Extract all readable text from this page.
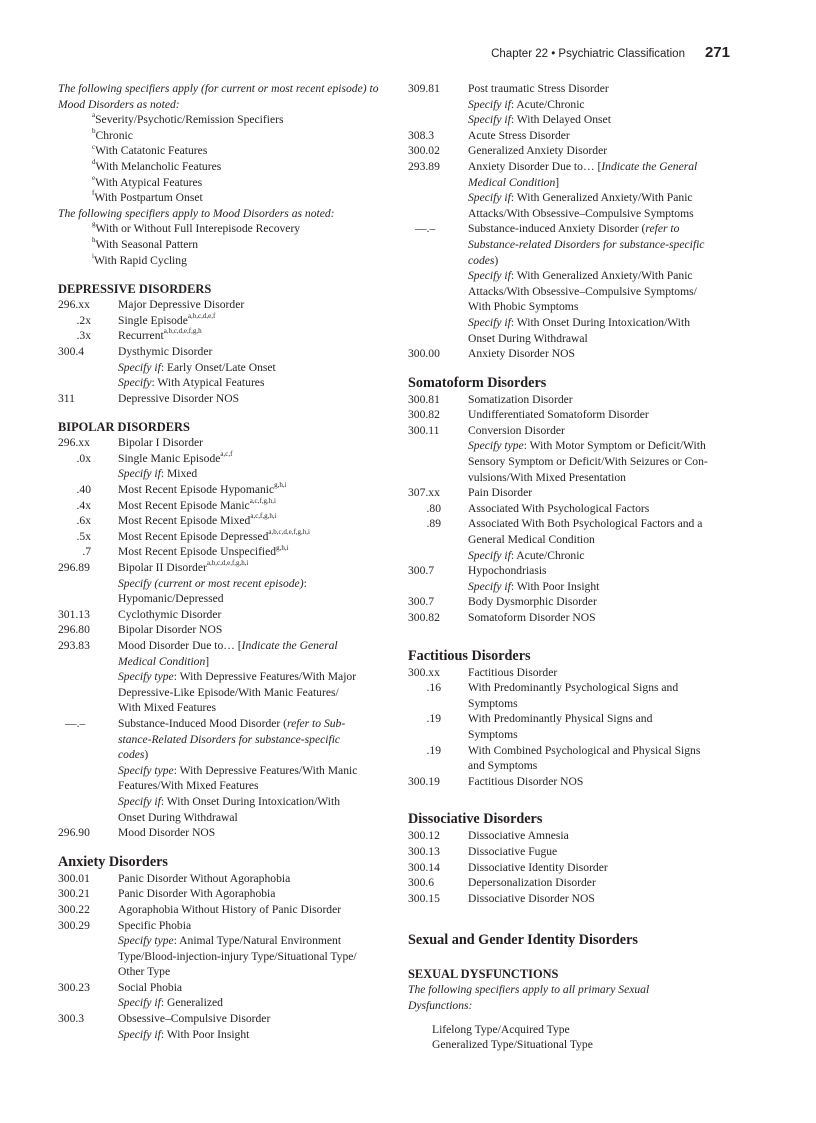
Chapter 22 • Psychiatric Classification 271
The following specifiers apply (for current or most recent episode) to Mood Disorders as noted:
$^a$Severity/Psychotic/Remission Specifiers
$^b$Chronic
$^c$With Catatonic Features
$^d$With Melancholic Features
$^e$With Atypical Features
$^f$With Postpartum Onset
The following specifiers apply to Mood Disorders as noted:
$^g$With or Without Full Interepisode Recovery
$^h$With Seasonal Pattern
$^i$With Rapid Cycling
DEPRESSIVE DISORDERS
296.xx	Major Depressive Disorder
.2x	Single Episode$^{a,b,c,d,e,f}$
.3x	Recurrent$^{a,b,c,d,e,f,g,h}$
300.4	Dysthymic Disorder
Specify if: Early Onset/Late Onset
Specify: With Atypical Features
311	Depressive Disorder NOS
BIPOLAR DISORDERS
296.xx	Bipolar I Disorder
.0x	Single Manic Episode$^{a,c,f}$
Specify if: Mixed
.40	Most Recent Episode Hypomanic$^{g,h,i}$
.4x	Most Recent Episode Manic$^{a,c,f,g,h,i}$
.6x	Most Recent Episode Mixed$^{a,c,f,g,h,i}$
.5x	Most Recent Episode Depressed$^{a,b,c,d,e,f,g,h,i}$
.7	Most Recent Episode Unspecified$^{g,h,i}$
296.89	Bipolar II Disorder$^{a,b,c,d,e,f,g,h,i}$
Specify (current or most recent episode):
Hypomanic/Depressed
301.13	Cyclothymic Disorder
296.80	Bipolar Disorder NOS
293.83	Mood Disorder Due to… [Indicate the General
Medical Condition]
Specify type: With Depressive Features/With Major
Depressive-Like Episode/With Manic Features/
With Mixed Features
—.–	Substance-Induced Mood Disorder (refer to Sub-
stance-Related Disorders for substance-specific
codes)
Specify type: With Depressive Features/With Manic
Features/With Mixed Features
Specify if: With Onset During Intoxication/With
Onset During Withdrawal
296.90	Mood Disorder NOS
Anxiety Disorders
300.01	Panic Disorder Without Agoraphobia
300.21	Panic Disorder With Agoraphobia
300.22	Agoraphobia Without History of Panic Disorder
300.29	Specific Phobia
Specify type: Animal Type/Natural Environment
Type/Blood-injection-injury Type/Situational Type/
Other Type
300.23	Social Phobia
Specify if: Generalized
300.3	Obsessive–Compulsive Disorder
Specify if: With Poor Insight
309.81	Post traumatic Stress Disorder
Specify if: Acute/Chronic
Specify if: With Delayed Onset
308.3	Acute Stress Disorder
300.02	Generalized Anxiety Disorder
293.89	Anxiety Disorder Due to… [Indicate the General
Medical Condition]
Specify if: With Generalized Anxiety/With Panic
Attacks/With Obsessive–Compulsive Symptoms
—.–	Substance-induced Anxiety Disorder (refer to
Substance-related Disorders for substance-specific
codes)
Specify if: With Generalized Anxiety/With Panic
Attacks/With Obsessive–Compulsive Symptoms/
With Phobic Symptoms
Specify if: With Onset During Intoxication/With
Onset During Withdrawal
300.00	Anxiety Disorder NOS
Somatoform Disorders
300.81	Somatization Disorder
300.82	Undifferentiated Somatoform Disorder
300.11	Conversion Disorder
Specify type: With Motor Symptom or Deficit/With
Sensory Symptom or Deficit/With Seizures or Con-
vulsions/With Mixed Presentation
307.xx	Pain Disorder
.80	Associated With Psychological Factors
.89	Associated With Both Psychological Factors and a
General Medical Condition
Specify if: Acute/Chronic
300.7	Hypochondriasis
Specify if: With Poor Insight
300.7	Body Dysmorphic Disorder
300.82	Somatoform Disorder NOS
Factitious Disorders
300.xx	Factitious Disorder
.16	With Predominantly Psychological Signs and
Symptoms
.19	With Predominantly Physical Signs and
Symptoms
.19	With Combined Psychological and Physical Signs
and Symptoms
300.19	Factitious Disorder NOS
Dissociative Disorders
300.12	Dissociative Amnesia
300.13	Dissociative Fugue
300.14	Dissociative Identity Disorder
300.6	Depersonalization Disorder
300.15	Dissociative Disorder NOS
Sexual and Gender Identity Disorders
SEXUAL DYSFUNCTIONS
The following specifiers apply to all primary Sexual
Dysfunctions:
Lifelong Type/Acquired Type
Generalized Type/Situational Type
